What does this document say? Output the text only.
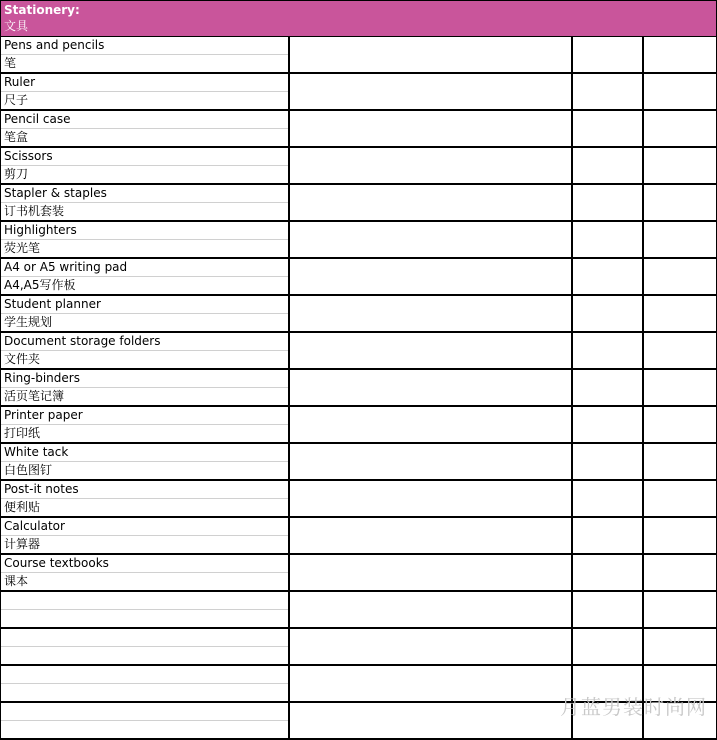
Stationery:
文具			

Pens and pencils
笔			

Ruler
尺子			

Pencil case
笔盒			

Scissors
剪刀			

Stapler & staples
订书机套装			

Highlighters
荧光笔			

A4 or A5 writing pad
A4,A5写作板			

Student planner
学生规划			

Document storage folders
文件夹			

Ring-binders
活页笔记簿			

Printer paper
打印纸			

White tack
白色图钉			

Post-it notes
便利贴			

Calculator
计算器			

Course textbooks
课本			

月蓝男装时尚网
